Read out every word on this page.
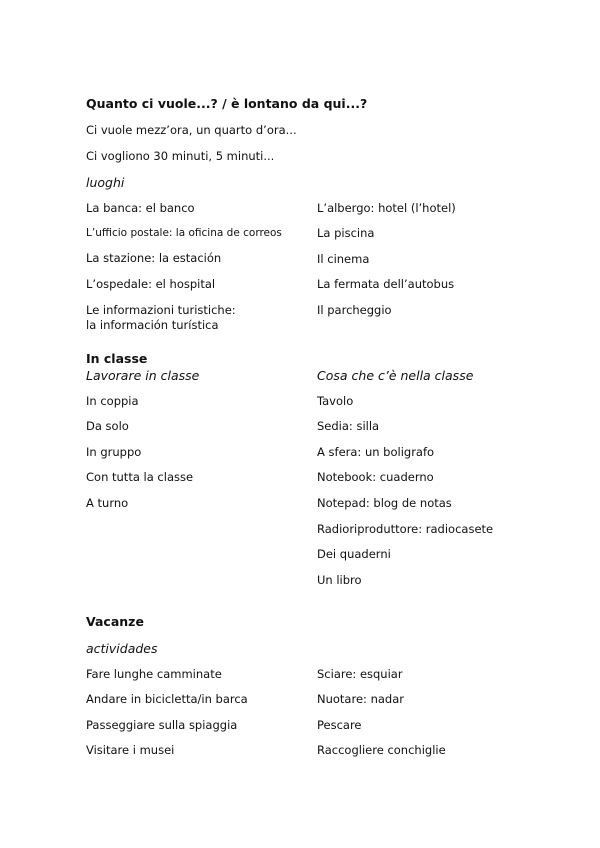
Quanto ci vuole...? / è lontano da qui...?
Ci vuole mezz’ora, un quarto d’ora...
Ci vogliono 30 minuti, 5 minuti...
luoghi
La banca: el banco
L’ufficio postale: la oficina de correos
La stazione: la estación
L’ospedale: el hospital
Le informazioni turistiche:
la información turística
L’albergo: hotel (l’hotel)
La piscina
Il cinema
La fermata dell’autobus
Il parcheggio
In classe
Lavorare in classe	Cosa che c’è nella classe
In coppia
Da solo
In gruppo
Con tutta la classe
A turno
Tavolo
Sedia: silla
A sfera: un boligrafo
Notebook: cuaderno
Notepad: blog de notas
Radioriproduttore: radiocasete
Dei quaderni
Un libro
Vacanze
actividades
Fare lunghe camminate
Andare in bicicletta/in barca
Passeggiare sulla spiaggia
Visitare i musei
Sciare: esquiar
Nuotare: nadar
Pescare
Raccogliere conchiglie
